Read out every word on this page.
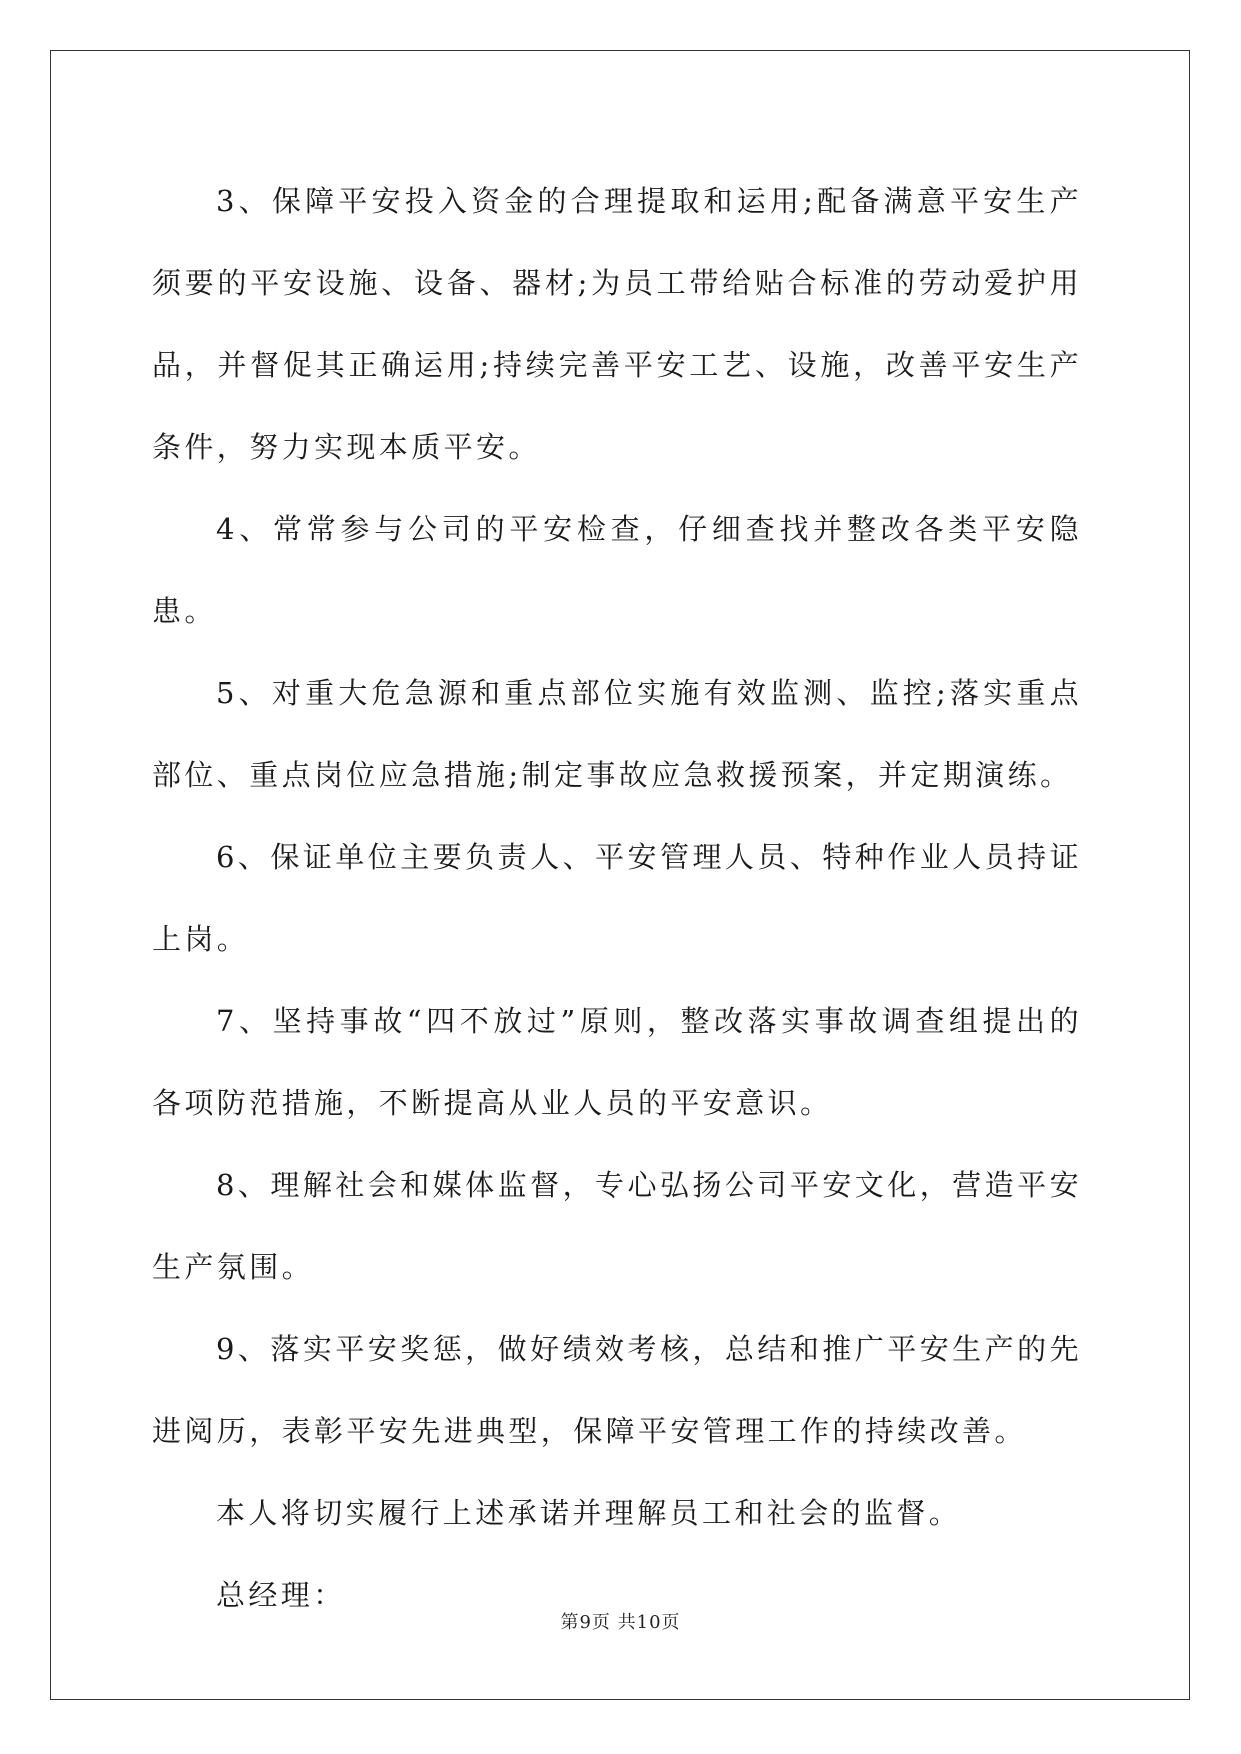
3、保障平安投入资金的合理提取和运用;配备满意平安生产须要的平安设施、设备、器材;为员工带给贴合标准的劳动爱护用品，并督促其正确运用;持续完善平安工艺、设施，改善平安生产条件，努力实现本质平安。

4、常常参与公司的平安检查，仔细查找并整改各类平安隐患。

5、对重大危急源和重点部位实施有效监测、监控;落实重点部位、重点岗位应急措施;制定事故应急救援预案，并定期演练。

6、保证单位主要负责人、平安管理人员、特种作业人员持证上岗。

7、坚持事故“四不放过”原则，整改落实事故调查组提出的各项防范措施，不断提高从业人员的平安意识。

8、理解社会和媒体监督，专心弘扬公司平安文化，营造平安生产氛围。

9、落实平安奖惩，做好绩效考核，总结和推广平安生产的先进阅历，表彰平安先进典型，保障平安管理工作的持续改善。

本人将切实履行上述承诺并理解员工和社会的监督。

总经理：

第9页 共10页
